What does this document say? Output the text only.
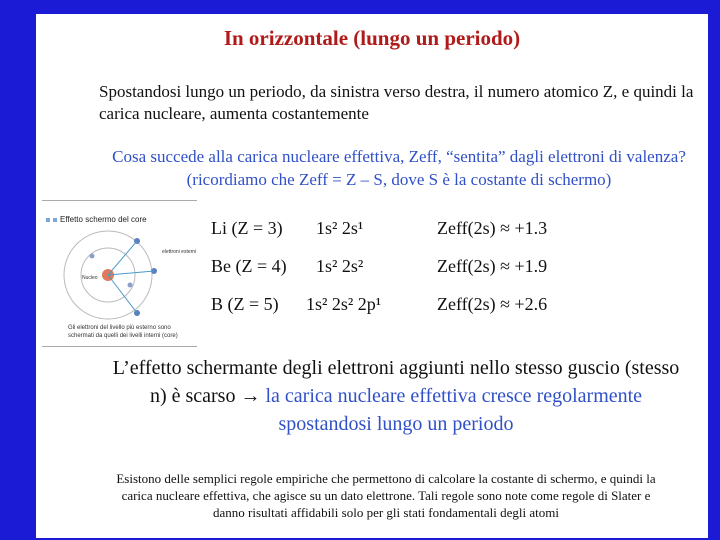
In orizzontale (lungo un periodo)
Spostandosi lungo un periodo, da sinistra verso destra, il numero atomico Z, e quindi la carica nucleare, aumenta costantemente
Cosa succede alla carica nucleare effettiva, Zeff, “sentita” dagli elettroni di valenza? (ricordiamo che Zeff = Z – S, dove S è la costante di schermo)
Effetto schermo del core
Nucleo
elettroni esterni
Gli elettroni del livello più esterno sono schermati da quelli dei livelli interni (core)
Li (Z = 3) 1s² 2s¹	Zeff(2s) ≈ +1.3
Be (Z = 4) 1s² 2s²	Zeff(2s) ≈ +1.9
B (Z = 5) 1s² 2s² 2p¹	Zeff(2s) ≈ +2.6
L’effetto schermante degli elettroni aggiunti nello stesso guscio (stesso n) è scarso → la carica nucleare effettiva cresce regolarmente spostandosi lungo un periodo
Esistono delle semplici regole empiriche che permettono di calcolare la costante di schermo, e quindi la carica nucleare effettiva, che agisce su un dato elettrone. Tali regole sono note come regole di Slater e danno risultati affidabili solo per gli stati fondamentali degli atomi
